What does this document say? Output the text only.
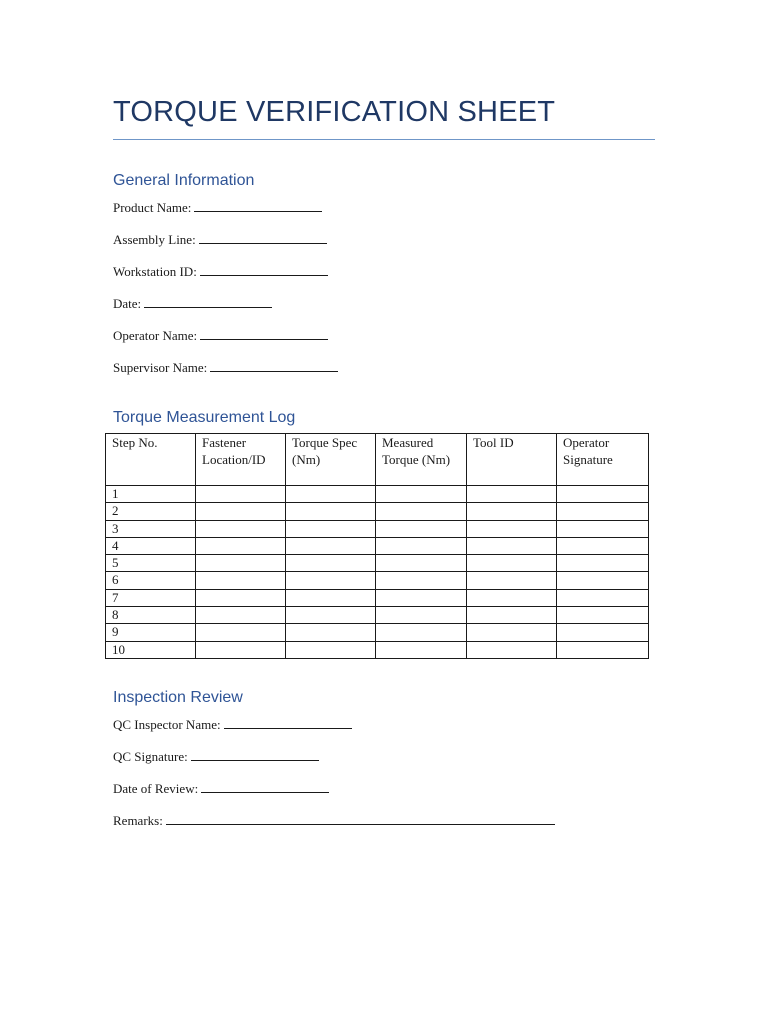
TORQUE VERIFICATION SHEET
General Information
Product Name:
Assembly Line:
Workstation ID:
Date:
Operator Name:
Supervisor Name:
Torque Measurement Log
Step No.	Fastener Location/ID	Torque Spec (Nm)	Measured Torque (Nm)	Tool ID	Operator Signature
1					
2					
3					
4					
5					
6					
7					
8					
9					
10					
Inspection Review
QC Inspector Name:
QC Signature:
Date of Review:
Remarks:
